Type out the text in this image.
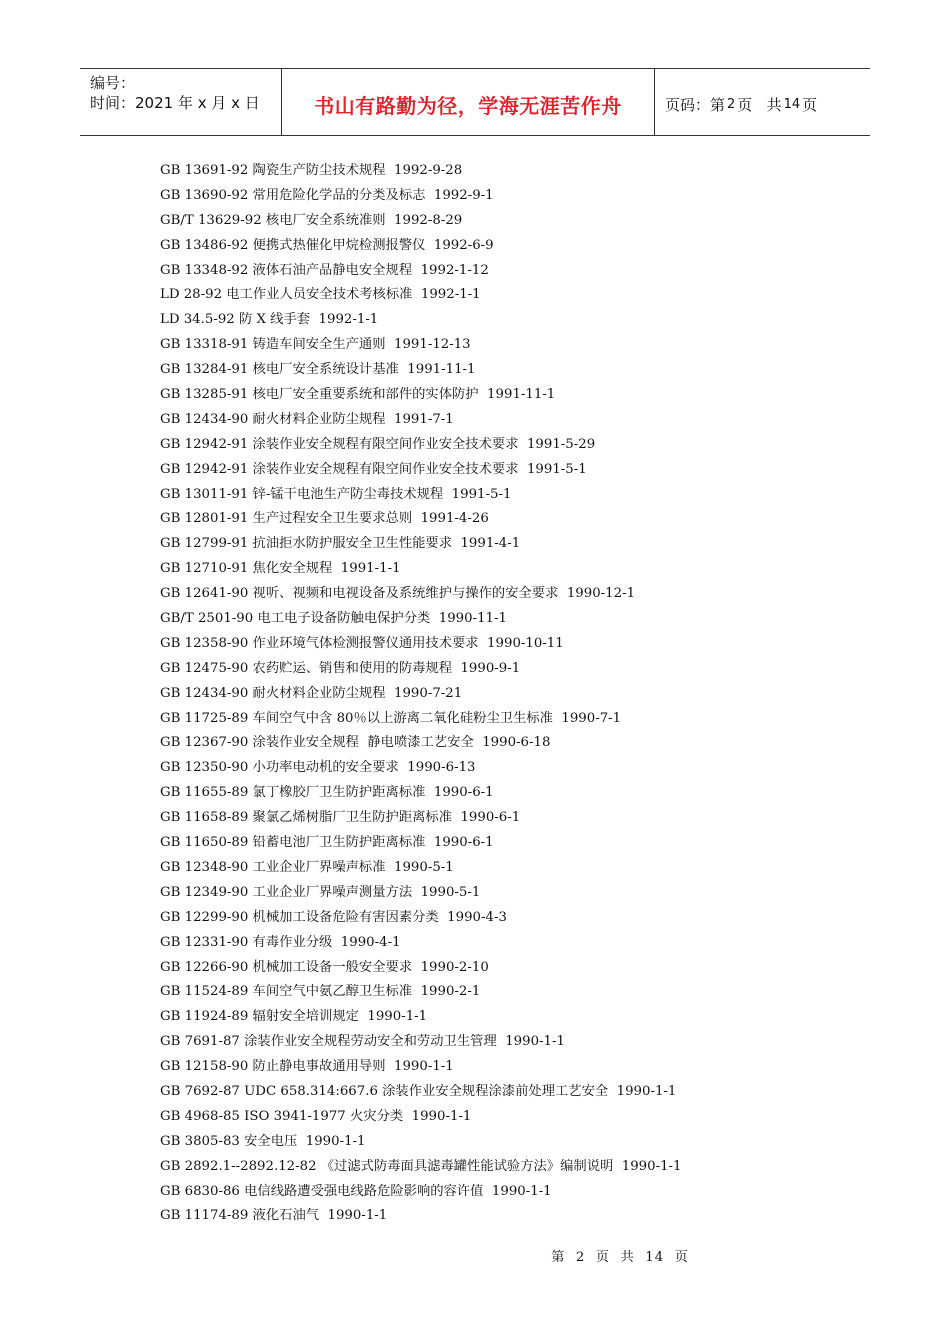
编号：
时间：2021 年 x 月 x 日	书山有路勤为径，学海无涯苦作舟	页码：第 2 页   共 14 页
GB 13691-92 陶瓷生产防尘技术规程  1992-9-28
GB 13690-92 常用危险化学品的分类及标志  1992-9-1
GB/T 13629-92 核电厂安全系统准则  1992-8-29
GB 13486-92 便携式热催化甲烷检测报警仪  1992-6-9
GB 13348-92 液体石油产品静电安全规程  1992-1-12
LD 28-92 电工作业人员安全技术考核标准  1992-1-1
LD 34.5-92 防 X 线手套  1992-1-1
GB 13318-91 铸造车间安全生产通则  1991-12-13
GB 13284-91 核电厂安全系统设计基准  1991-11-1
GB 13285-91 核电厂安全重要系统和部件的实体防护  1991-11-1
GB 12434-90 耐火材料企业防尘规程  1991-7-1
GB 12942-91 涂装作业安全规程有限空间作业安全技术要求  1991-5-29
GB 12942-91 涂装作业安全规程有限空间作业安全技术要求  1991-5-1
GB 13011-91 锌-锰干电池生产防尘毒技术规程  1991-5-1
GB 12801-91 生产过程安全卫生要求总则  1991-4-26
GB 12799-91 抗油拒水防护服安全卫生性能要求  1991-4-1
GB 12710-91 焦化安全规程  1991-1-1
GB 12641-90 视听、视频和电视设备及系统维护与操作的安全要求  1990-12-1
GB/T 2501-90 电工电子设备防触电保护分类  1990-11-1
GB 12358-90 作业环境气体检测报警仪通用技术要求  1990-10-11
GB 12475-90 农药贮运、销售和使用的防毒规程  1990-9-1
GB 12434-90 耐火材料企业防尘规程  1990-7-21
GB 11725-89 车间空气中含 80％以上游离二氧化硅粉尘卫生标准  1990-7-1
GB 12367-90 涂装作业安全规程  静电喷漆工艺安全  1990-6-18
GB 12350-90 小功率电动机的安全要求  1990-6-13
GB 11655-89 氯丁橡胶厂卫生防护距离标准  1990-6-1
GB 11658-89 聚氯乙烯树脂厂卫生防护距离标准  1990-6-1
GB 11650-89 铅蓄电池厂卫生防护距离标准  1990-6-1
GB 12348-90 工业企业厂界噪声标准  1990-5-1
GB 12349-90 工业企业厂界噪声测量方法  1990-5-1
GB 12299-90 机械加工设备危险有害因素分类  1990-4-3
GB 12331-90 有毒作业分级  1990-4-1
GB 12266-90 机械加工设备一般安全要求  1990-2-10
GB 11524-89 车间空气中氨乙醇卫生标准  1990-2-1
GB 11924-89 辐射安全培训规定  1990-1-1
GB 7691-87 涂装作业安全规程劳动安全和劳动卫生管理  1990-1-1
GB 12158-90 防止静电事故通用导则  1990-1-1
GB 7692-87 UDC 658.314:667.6 涂装作业安全规程涂漆前处理工艺安全  1990-1-1
GB 4968-85 ISO 3941-1977 火灾分类  1990-1-1
GB 3805-83 安全电压  1990-1-1
GB 2892.1--2892.12-82 《过滤式防毒面具滤毒罐性能试验方法》编制说明  1990-1-1
GB 6830-86 电信线路遭受强电线路危险影响的容许值  1990-1-1
GB 11174-89 液化石油气  1990-1-1
第  2  页  共  14  页
